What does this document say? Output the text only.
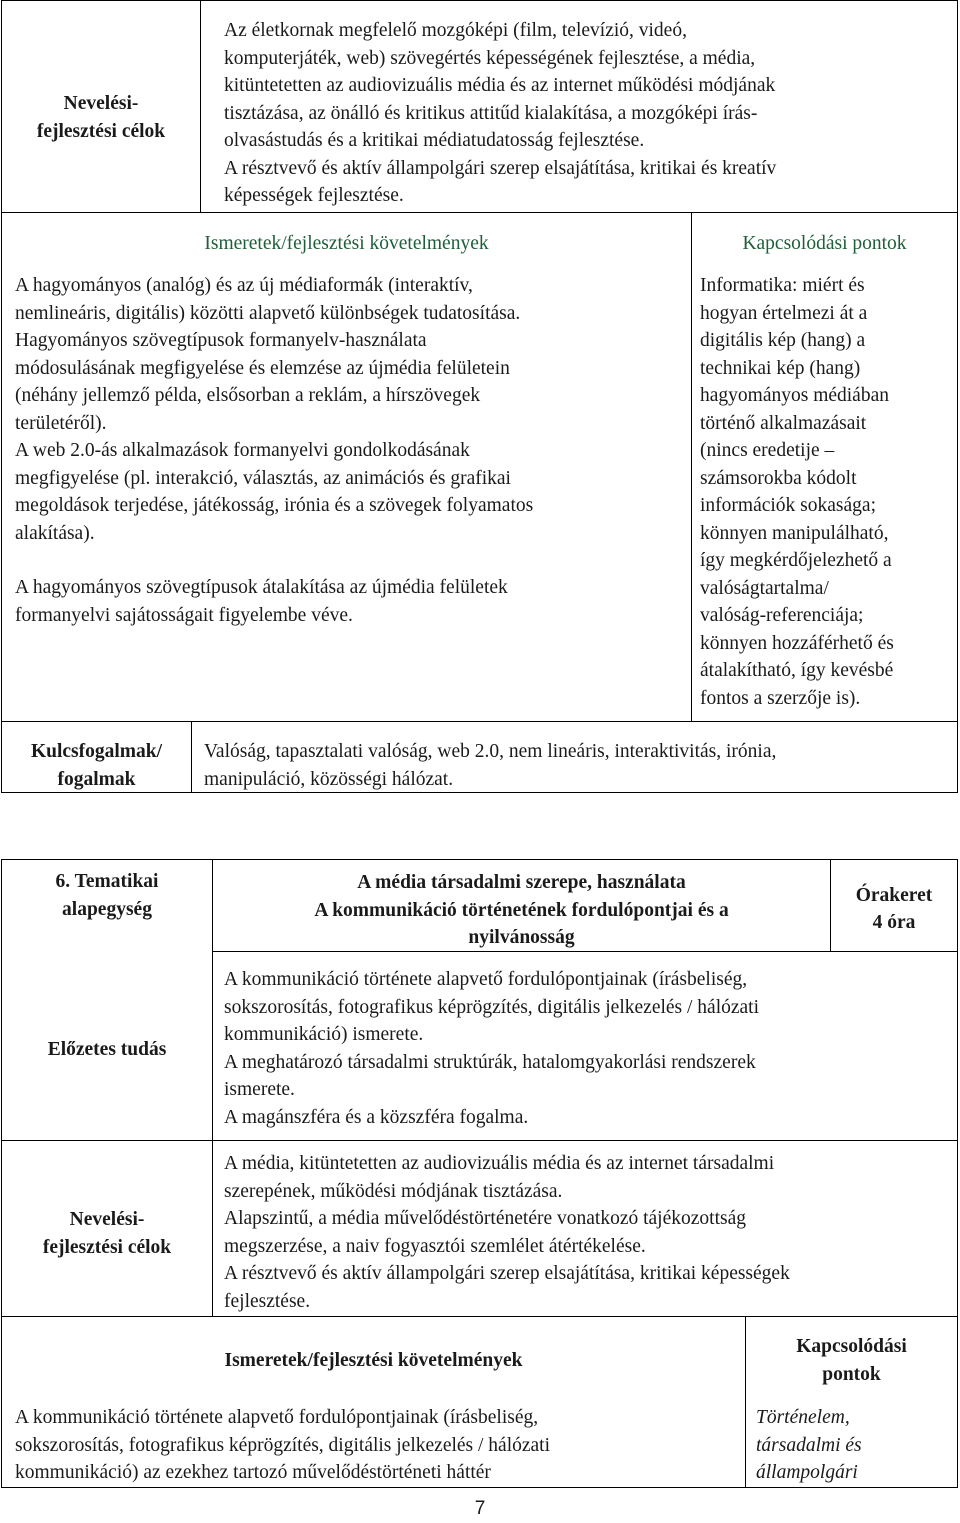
Nevelési-
fejlesztési célok
Az életkornak megfelelő mozgóképi (film, televízió, videó,
komputerjáték, web) szövegértés képességének fejlesztése, a média,
kitüntetetten az audiovizuális média és az internet működési módjának
tisztázása, az önálló és kritikus attitűd kialakítása, a mozgóképi írás-
olvasástudás és a kritikai médiatudatosság fejlesztése.
A résztvevő és aktív állampolgári szerep elsajátítása, kritikai és kreatív
képességek fejlesztése.
Ismeretek/fejlesztési követelmények	Kapcsolódási pontok
A hagyományos (analóg) és az új médiaformák (interaktív,
nemlineáris, digitális) közötti alapvető különbségek tudatosítása.
Hagyományos szövegtípusok formanyelv-használata
módosulásának megfigyelése és elemzése az újmédia felületein
(néhány jellemző példa, elsősorban a reklám, a hírszövegek
területéről).
A web 2.0-ás alkalmazások formanyelvi gondolkodásának
megfigyelése (pl. interakció, választás, az animációs és grafikai
megoldások terjedése, játékosság, irónia és a szövegek folyamatos
alakítása).
A hagyományos szövegtípusok átalakítása az újmédia felületek
formanyelvi sajátosságait figyelembe véve.
Informatika: miért és
hogyan értelmezi át a
digitális kép (hang) a
technikai kép (hang)
hagyományos médiában
történő alkalmazásait
(nincs eredetije –
számsorokba kódolt
információk sokasága;
könnyen manipulálható,
így megkérdőjelezhető a
valóságtartalma/
valóság-referenciája;
könnyen hozzáférhető és
átalakítható, így kevésbé
fontos a szerzője is).
Kulcsfogalmak/
fogalmak
Valóság, tapasztalati valóság, web 2.0, nem lineáris, interaktivitás, irónia,
manipuláció, közösségi hálózat.
6. Tematikai
alapegység
A média társadalmi szerepe, használata
A kommunikáció történetének fordulópontjai és a
nyilvánosság
Órakeret
4 óra
Előzetes tudás
A kommunikáció története alapvető fordulópontjainak (írásbeliség,
sokszorosítás, fotografikus képrögzítés, digitális jelkezelés / hálózati
kommunikáció) ismerete.
A meghatározó társadalmi struktúrák, hatalomgyakorlási rendszerek
ismerete.
A magánszféra és a közszféra fogalma.
Nevelési-
fejlesztési célok
A média, kitüntetetten az audiovizuális média és az internet társadalmi
szerepének, működési módjának tisztázása.
Alapszintű, a média művelődéstörténetére vonatkozó tájékozottság
megszerzése, a naiv fogyasztói szemlélet átértékelése.
A résztvevő és aktív állampolgári szerep elsajátítása, kritikai képességek
fejlesztése.
Ismeretek/fejlesztési követelmények
Kapcsolódási
pontok
A kommunikáció története alapvető fordulópontjainak (írásbeliség,
sokszorosítás, fotografikus képrögzítés, digitális jelkezelés / hálózati
kommunikáció) az ezekhez tartozó művelődéstörténeti háttér
Történelem,
társadalmi és
állampolgári
7
